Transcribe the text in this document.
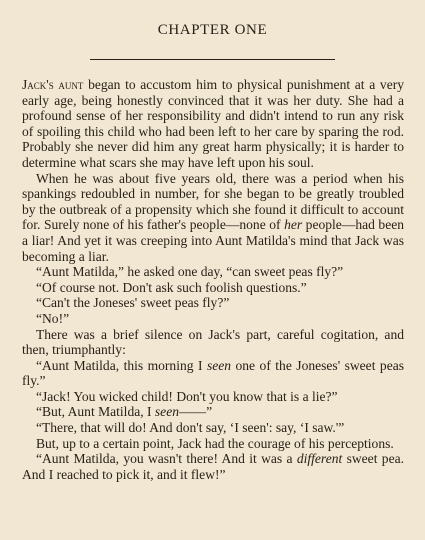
CHAPTER ONE

Jack's aunt began to accustom him to physical punishment at a very early age, being honestly convinced that it was her duty. She had a profound sense of her responsibility and didn't intend to run any risk of spoiling this child who had been left to her care by sparing the rod. Probably she never did him any great harm physically; it is harder to determine what scars she may have left upon his soul.

When he was about five years old, there was a period when his spankings redoubled in number, for she began to be greatly troubled by the outbreak of a propensity which she found it difficult to account for. Surely none of his father's people—none of her people—had been a liar! And yet it was creeping into Aunt Matilda's mind that Jack was becoming a liar.

“Aunt Matilda,” he asked one day, “can sweet peas fly?”

“Of course not. Don't ask such foolish questions.”

“Can't the Joneses' sweet peas fly?”

“No!”

There was a brief silence on Jack's part, careful cogitation, and then, triumphantly:

“Aunt Matilda, this morning I seen one of the Joneses' sweet peas fly.”

“Jack! You wicked child! Don't you know that is a lie?”

“But, Aunt Matilda, I seen——”

“There, that will do! And don't say, ‘I seen': say, ‘I saw.'”

But, up to a certain point, Jack had the courage of his perceptions.

“Aunt Matilda, you wasn't there! And it was a different sweet pea. And I reached to pick it, and it flew!”
